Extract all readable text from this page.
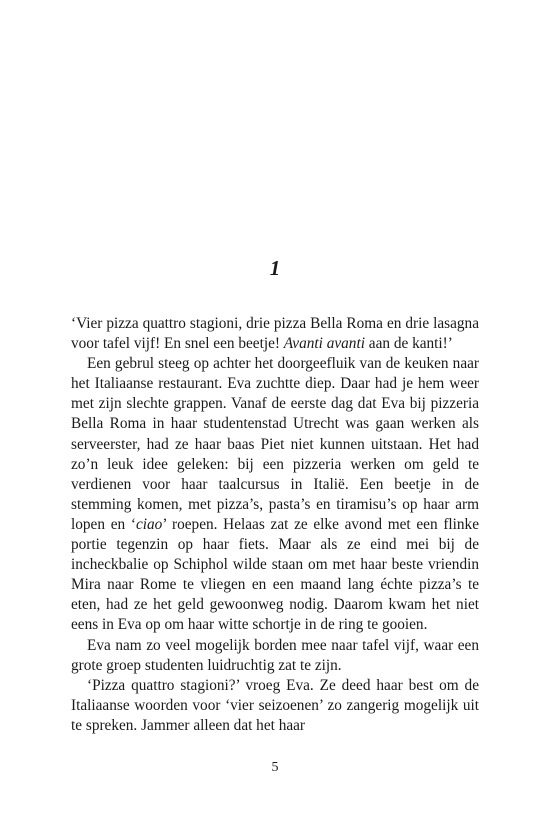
1

‘Vier pizza quattro stagioni, drie pizza Bella Roma en drie lasagna voor tafel vijf! En snel een beetje! Avanti avanti aan de kanti!’

Een gebrul steeg op achter het doorgeefluik van de keuken naar het Italiaanse restaurant. Eva zuchtte diep. Daar had je hem weer met zijn slechte grappen. Vanaf de eerste dag dat Eva bij pizzeria Bella Roma in haar studentenstad Utrecht was gaan werken als serveerster, had ze haar baas Piet niet kunnen uitstaan. Het had zo’n leuk idee geleken: bij een pizzeria werken om geld te verdienen voor haar taalcursus in Italië. Een beetje in de stemming komen, met pizza’s, pasta’s en tiramisu’s op haar arm lopen en ‘ciao’ roepen. Helaas zat ze elke avond met een flinke portie tegenzin op haar fiets. Maar als ze eind mei bij de incheckbalie op Schiphol wilde staan om met haar beste vriendin Mira naar Rome te vliegen en een maand lang échte pizza’s te eten, had ze het geld gewoonweg nodig. Daarom kwam het niet eens in Eva op om haar witte schortje in de ring te gooien.

Eva nam zo veel mogelijk borden mee naar tafel vijf, waar een grote groep studenten luidruchtig zat te zijn.

‘Pizza quattro stagioni?’ vroeg Eva. Ze deed haar best om de Italiaanse woorden voor ‘vier seizoenen’ zo zangerig mogelijk uit te spreken. Jammer alleen dat het haar

5
